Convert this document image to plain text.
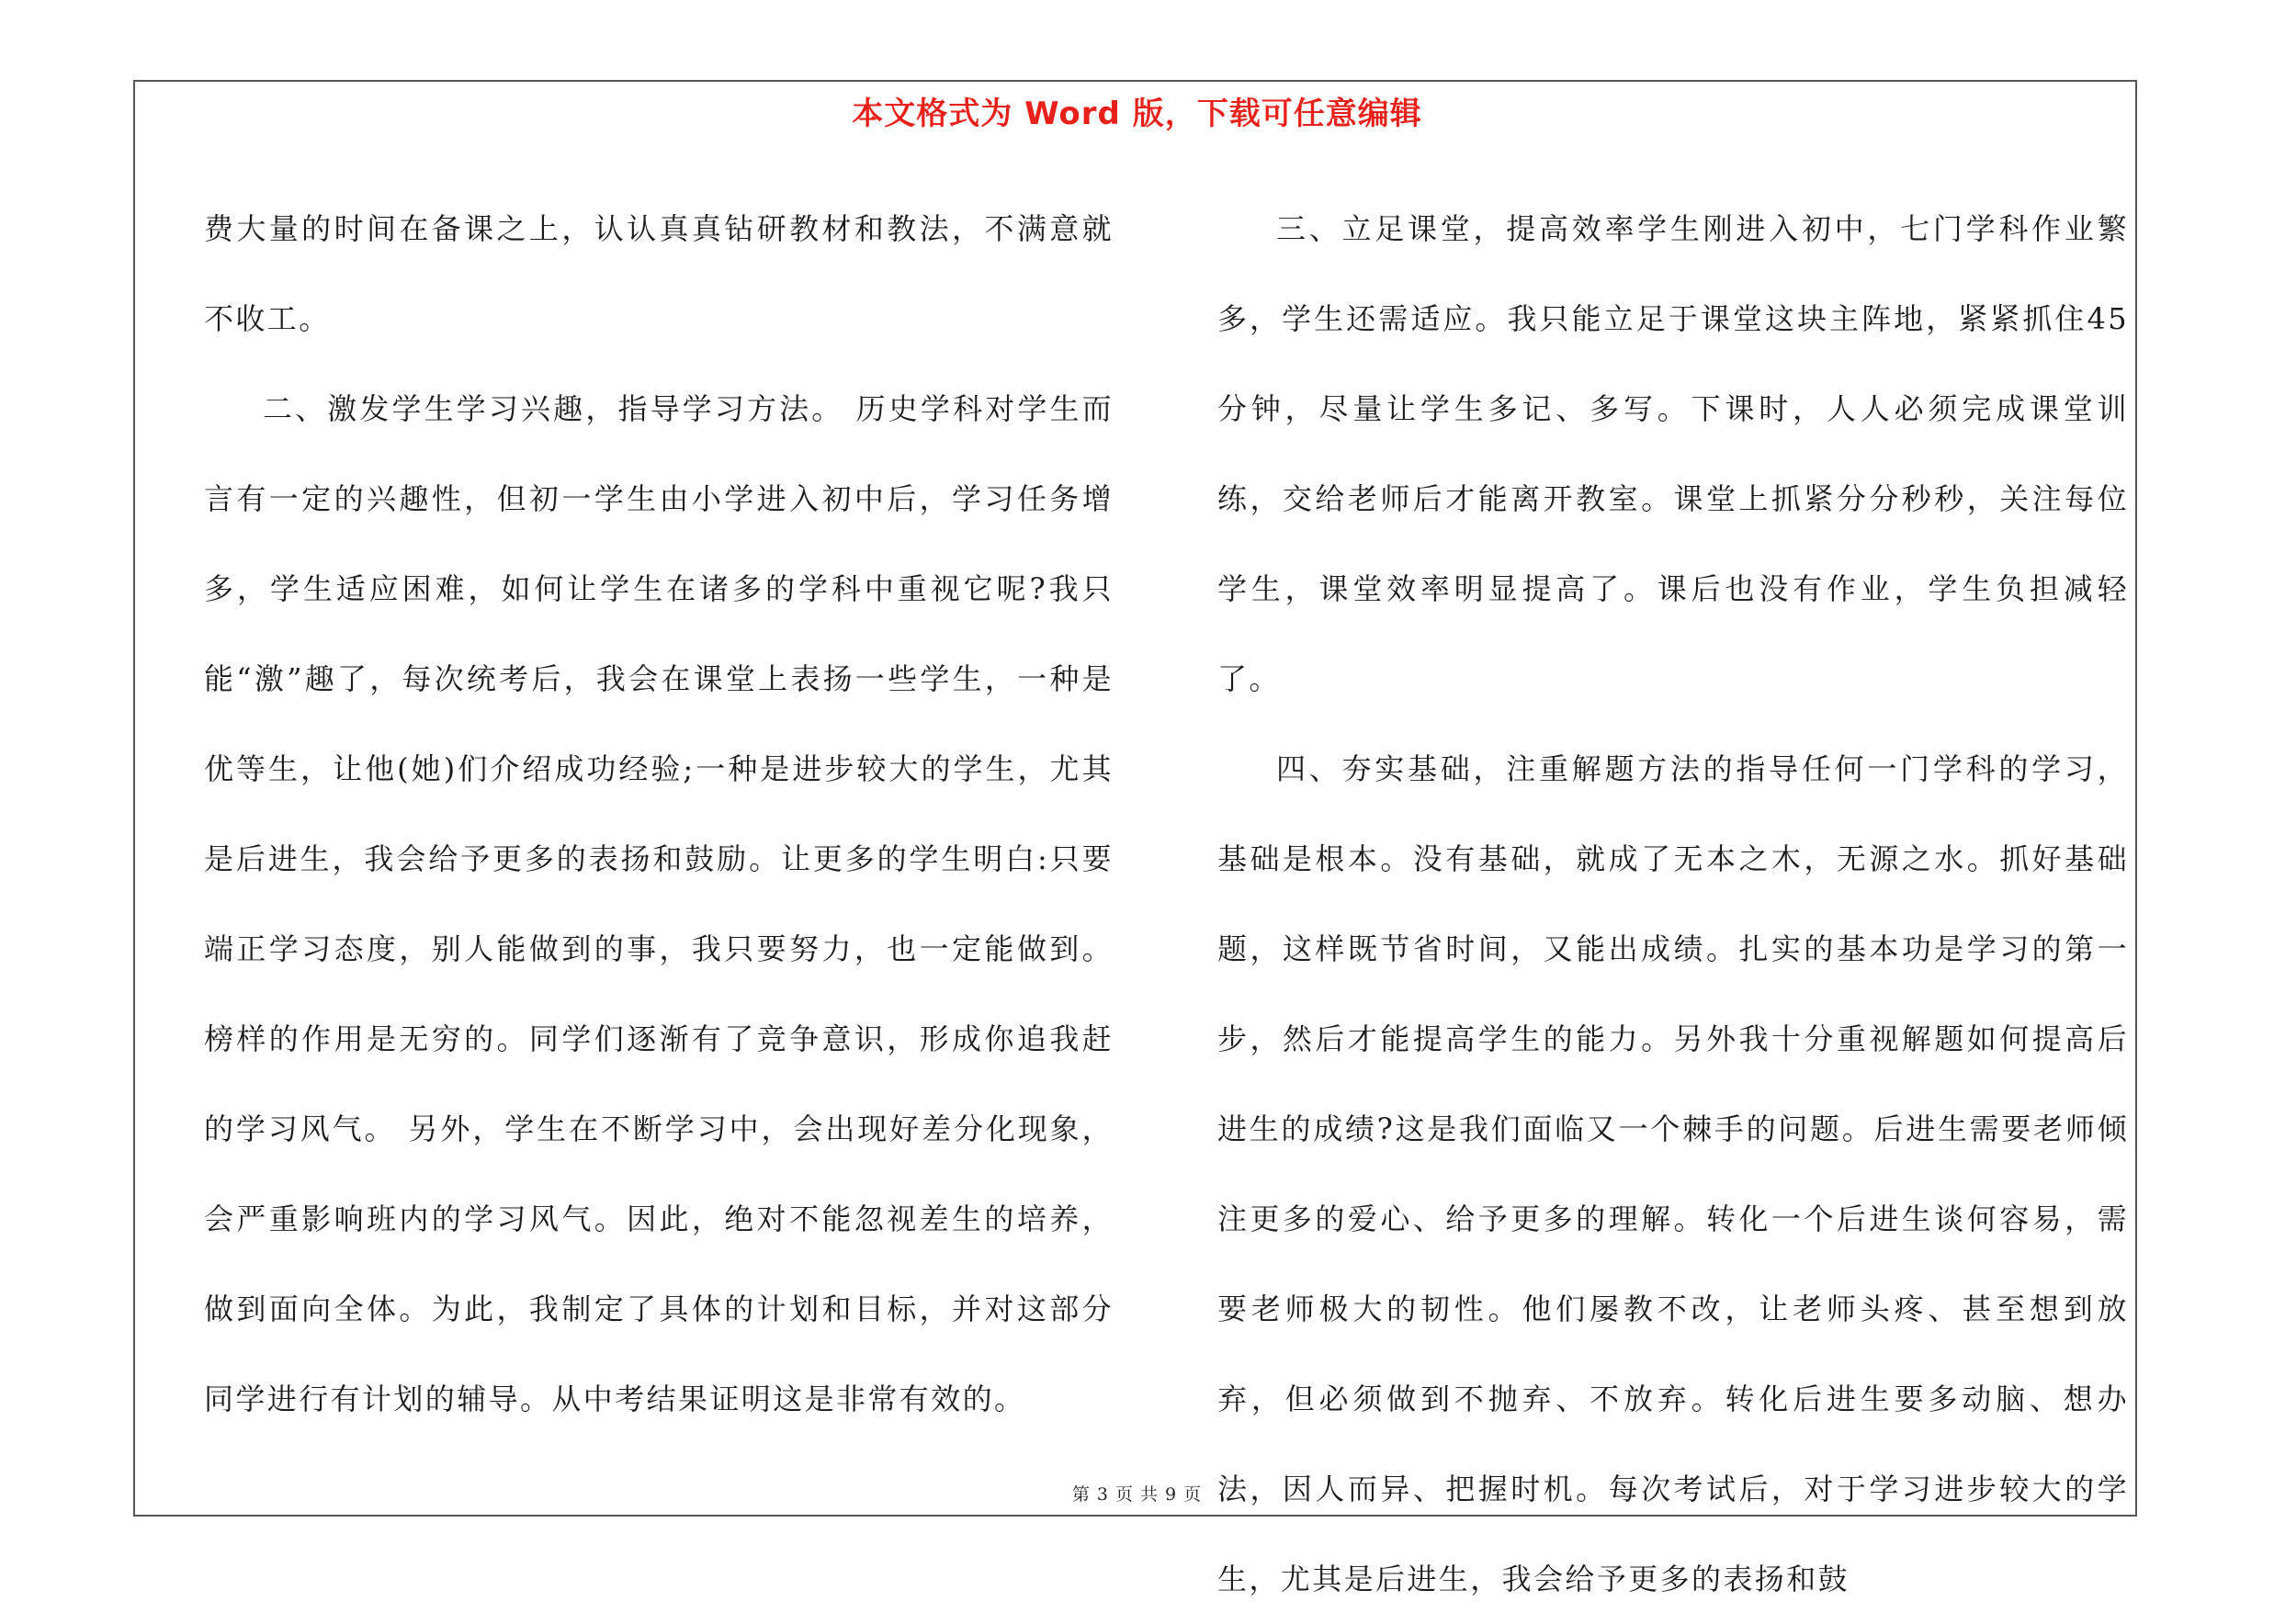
本文格式为 Word 版，下载可任意编辑

费大量的时间在备课之上，认认真真钻研教材和教法，不满意就不收工。

二、激发学生学习兴趣，指导学习方法。 历史学科对学生而言有一定的兴趣性，但初一学生由小学进入初中后，学习任务增多，学生适应困难，如何让学生在诸多的学科中重视它呢?我只能“激”趣了，每次统考后，我会在课堂上表扬一些学生，一种是优等生，让他(她)们介绍成功经验;一种是进步较大的学生，尤其是后进生，我会给予更多的表扬和鼓励。让更多的学生明白:只要端正学习态度，别人能做到的事，我只要努力，也一定能做到。榜样的作用是无穷的。同学们逐渐有了竞争意识，形成你追我赶的学习风气。 另外，学生在不断学习中，会出现好差分化现象，会严重影响班内的学习风气。因此，绝对不能忽视差生的培养，做到面向全体。为此，我制定了具体的计划和目标，并对这部分同学进行有计划的辅导。从中考结果证明这是非常有效的。

三、立足课堂，提高效率学生刚进入初中，七门学科作业繁多，学生还需适应。我只能立足于课堂这块主阵地，紧紧抓住45分钟，尽量让学生多记、多写。下课时，人人必须完成课堂训练，交给老师后才能离开教室。课堂上抓紧分分秒秒，关注每位学生，课堂效率明显提高了。课后也没有作业，学生负担减轻了。

四、夯实基础，注重解题方法的指导任何一门学科的学习，基础是根本。没有基础，就成了无本之木，无源之水。抓好基础题，这样既节省时间，又能出成绩。扎实的基本功是学习的第一步，然后才能提高学生的能力。另外我十分重视解题如何提高后进生的成绩?这是我们面临又一个棘手的问题。后进生需要老师倾注更多的爱心、给予更多的理解。转化一个后进生谈何容易，需要老师极大的韧性。他们屡教不改，让老师头疼、甚至想到放弃，但必须做到不抛弃、不放弃。转化后进生要多动脑、想办法，因人而异、把握时机。每次考试后，对于学习进步较大的学生，尤其是后进生，我会给予更多的表扬和鼓

第 3 页 共 9 页
